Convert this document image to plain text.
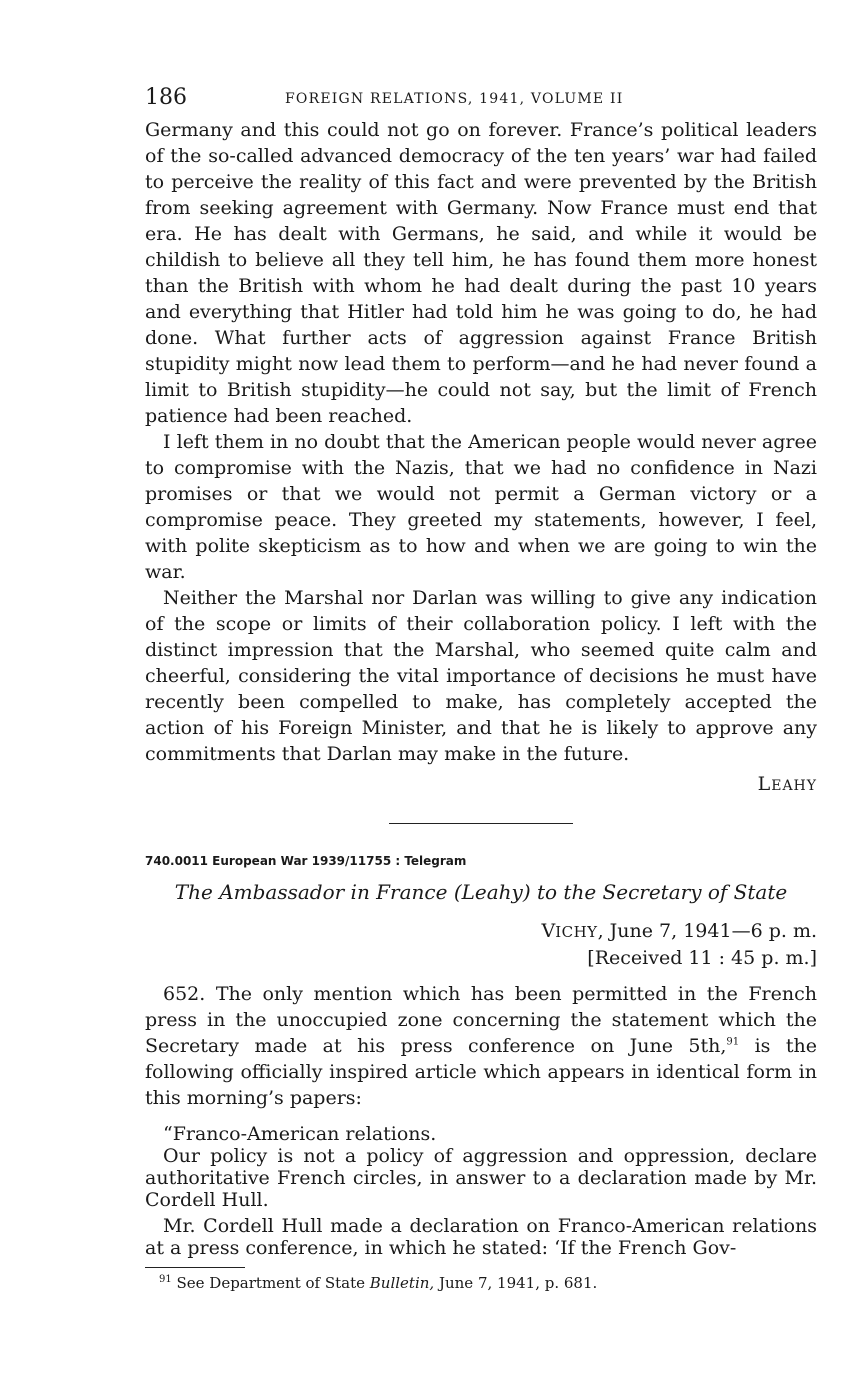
186	FOREIGN RELATIONS, 1941, VOLUME II

Germany and this could not go on forever. France’s political leaders of the so-called advanced democracy of the ten years’ war had failed to perceive the reality of this fact and were prevented by the British from seeking agreement with Germany. Now France must end that era. He has dealt with Germans, he said, and while it would be childish to believe all they tell him, he has found them more honest than the British with whom he had dealt during the past 10 years and everything that Hitler had told him he was going to do, he had done. What further acts of aggression against France British stupidity might now lead them to perform—and he had never found a limit to British stupidity—he could not say, but the limit of French patience had been reached.

I left them in no doubt that the American people would never agree to compromise with the Nazis, that we had no confidence in Nazi promises or that we would not permit a German victory or a compromise peace. They greeted my statements, however, I feel, with polite skepticism as to how and when we are going to win the war.

Neither the Marshal nor Darlan was willing to give any indication of the scope or limits of their collaboration policy. I left with the distinct impression that the Marshal, who seemed quite calm and cheerful, considering the vital importance of decisions he must have recently been compelled to make, has completely accepted the action of his Foreign Minister, and that he is likely to approve any commitments that Darlan may make in the future.

LEAHY
740.0011 European War 1939/11755 : Telegram
The Ambassador in France (Leahy) to the Secretary of State
VICHY, June 7, 1941—6 p. m.
[Received 11 : 45 p. m.]

652. The only mention which has been permitted in the French press in the unoccupied zone concerning the statement which the Secretary made at his press conference on June 5th,$^{91}$ is the following officially inspired article which appears in identical form in this morning’s papers:

“Franco-American relations.

Our policy is not a policy of aggression and oppression, declare authoritative French circles, in answer to a declaration made by Mr. Cordell Hull.

Mr. Cordell Hull made a declaration on Franco-American relations at a press conference, in which he stated: ‘If the French Gov-

$^{91}$ See Department of State Bulletin, June 7, 1941, p. 681.
